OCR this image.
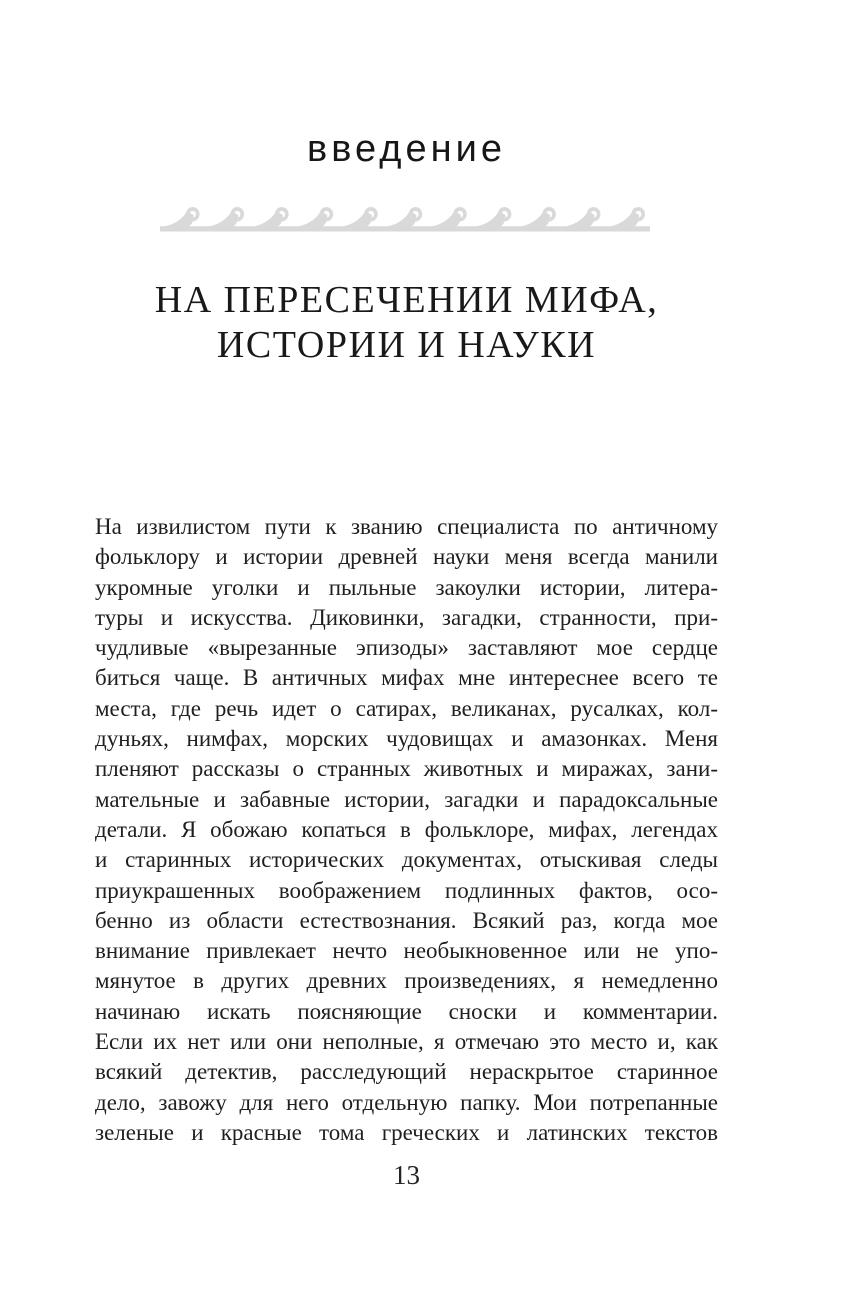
введение
НА ПЕРЕСЕЧЕНИИ МИФА,
ИСТОРИИ И НАУКИ
На извилистом пути к званию специалиста по античному
фольклору и истории древней науки меня всегда манили
укромные уголки и пыльные закоулки истории, литера-
туры и искусства. Диковинки, загадки, странности, при-
чудливые «вырезанные эпизоды» заставляют мое сердце
биться чаще. В античных мифах мне интереснее всего те
места, где речь идет о сатирах, великанах, русалках, кол-
дуньях, нимфах, морских чудовищах и амазонках. Меня
пленяют рассказы о странных животных и миражах, зани-
мательные и забавные истории, загадки и парадоксальные
детали. Я обожаю копаться в фольклоре, мифах, легендах
и старинных исторических документах, отыскивая следы
приукрашенных воображением подлинных фактов, осо-
бенно из области естествознания. Всякий раз, когда мое
внимание привлекает нечто необыкновенное или не упо-
мянутое в других древних произведениях, я немедленно
начинаю искать поясняющие сноски и комментарии.
Если их нет или они неполные, я отмечаю это место и, как
всякий детектив, расследующий нераскрытое старинное
дело, завожу для него отдельную папку. Мои потрепанные
зеленые и красные тома греческих и латинских текстов
13
